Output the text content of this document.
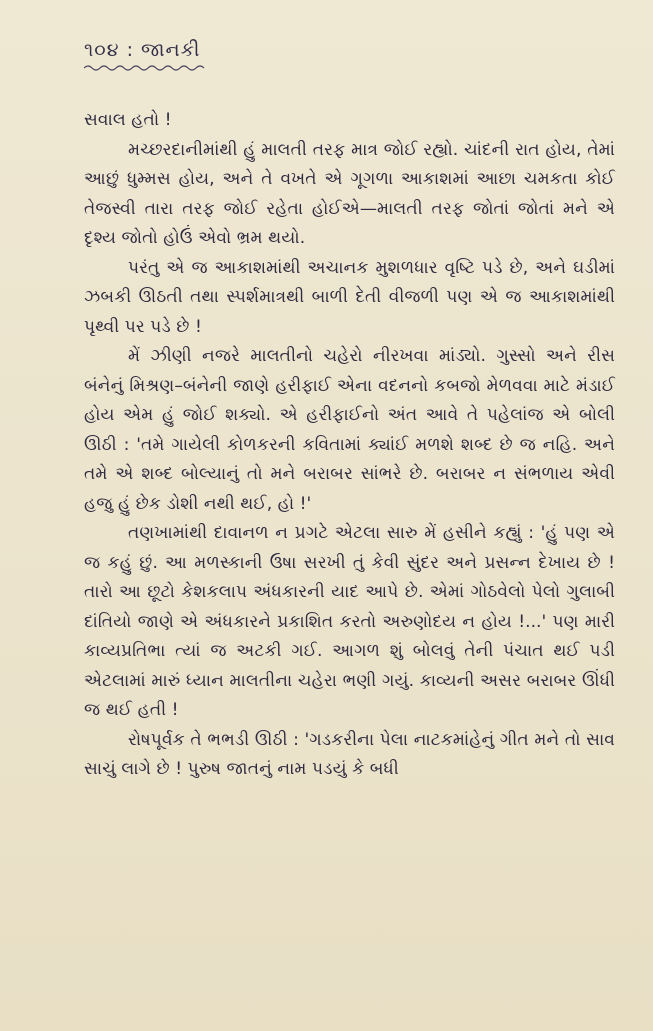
૧૦૪ : જાનકી

સવાલ હતો !

મચ્છરદાનીમાંથી હું માલતી તરફ માત્ર જોઈ રહ્યો. ચાંદની રાત હોય, તેમાં આછું ધુમ્મસ હોય, અને તે વખતે એ ગૂગળા આકાશમાં આછા ચમકતા કોઈ તેજસ્વી તારા તરફ જોઈ રહેતા હોઈએ—માલતી તરફ જોતાં જોતાં મને એ દૃશ્ય જોતો હોઉં એવો ભ્રમ થયો.

પરંતુ એ જ આકાશમાંથી અચાનક મુશળધાર વૃષ્ટિ પડે છે, અને ઘડીમાં ઝબકી ઊઠતી તથા સ્પર્શમાત્રથી બાળી દેતી વીજળી પણ એ જ આકાશમાંથી પૃથ્વી પર પડે છે !

મેં ઝીણી નજરે માલતીનો ચહેરો નીરખવા માંડ્યો. ગુસ્સો અને રીસ બંનેનું મિશ્રણ–બંનેની જાણે હરીફાઈ એના વદનનો કબજો મેળવવા માટે મંડાઈ હોય એમ હું જોઈ શક્યો. એ હરીફાઈનો અંત આવે તે પહેલાંજ એ બોલી ઊઠી : 'તમે ગાયેલી કોળકરની કવિતામાં ક્યાંઈ મળશે શબ્દ છે જ નહિ. અને તમે એ શબ્દ બોલ્યાનું તો મને બરાબર સાંભરે છે. બરાબર ન સંભળાય એવી હજુ હું છેક ડોશી નથી થઈ, હો !'

તણખામાંથી દાવાનળ ન પ્રગટે એટલા સારુ મેં હસીને કહ્યું : 'હું પણ એ જ કહું છું. આ મળસ્કાની ઉષા સરખી તું કેવી સુંદર અને પ્રસન્ન દેખાય છે ! તારો આ છૂટો કેશકલાપ અંધકારની યાદ આપે છે. એમાં ગોઠવેલો પેલો ગુલાબી દાંતિયો જાણે એ અંધકારને પ્રકાશિત કરતો અરુણોદય ન હોય !...' પણ મારી કાવ્યપ્રતિભા ત્યાં જ અટકી ગઈ. આગળ શું બોલવું તેની પંચાત થઈ પડી એટલામાં મારું ધ્યાન માલતીના ચહેરા ભણી ગયું. કાવ્યની અસર બરાબર ઊંધી જ થઈ હતી !

રોષપૂર્વક તે ભભડી ઊઠી : 'ગડકરીના પેલા નાટકમાંહેનું ગીત મને તો સાવ સાચું લાગે છે ! પુરુષ જાતનું નામ પડયું કે બધી
